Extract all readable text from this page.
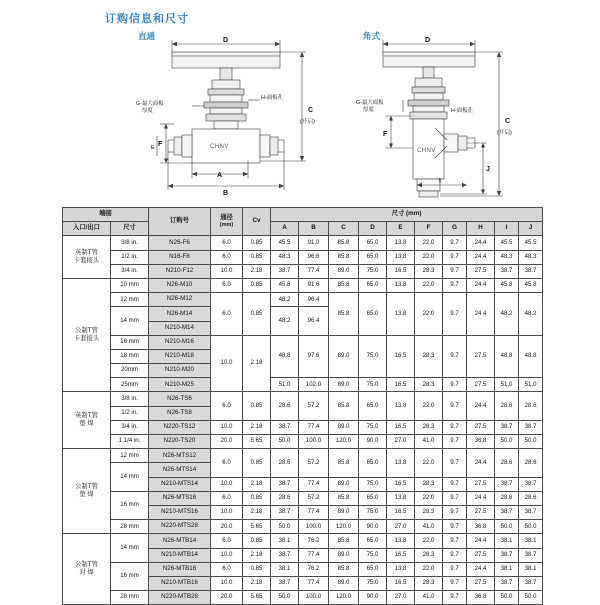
订购信息和尺寸
直通	D
C
(开启)
F
E
A
B
G-最大面板
厚度
H-面板孔
CHNV
角式	D
C
(开启)
J
F
G-最大面板
厚度	H-面板孔
CHNV
I
端接		订购号	通径
(mm)	Cv	尺寸 (mm)									
入口/出口	尺寸				A	B	C	D	E	F	G	H	I	J
英制T管
卡套接头	3/8 in.	N26-F6	6.0	0.85	45.5	91.0	85.8	65.0	13.8	22.0	9.7	24.4	45.5	45.5
	1/2 in.	N16-F8	6.0	0.85	48.3	96.6	85.8	65.0	13.8	22.0	9.7	24.4	48.3	48.3
	3/4 in.	N210-F12	10.0	2.18	38.7	77.4	89.0	75.0	16.5	28.3	9.7	27.5	38.7	38.7
公制T管
卡套接头	10 mm	N26-M10	6.0	0.85	45.8	91.6	85.8	65.0	13.8	22.0	9.7	24.4	45.8	45.8
	12 mm	N26-M12	6.0	0.85	48.2	96.4	85.8	65.0	13.8	22.0	9.7	24.4	48.2	48.2
	14 mm	N26-M14			48.2	96.4								
		N210-M14												
	16 mm	N210-M16	10.0	2.18	48.8	97.6	89.0	75.0	16.5	28.3	9.7	27.5	48.8	48.8
	18 mm	N210-M18												
	20mm	N210-M20												
	25mm	N210-M25			51.0	102.0	89.0	75.0	16.5	28.3	9.7	27.5	51.0	51.0
英制T管
垫 焊	3/8 in.	N26-TS6	6.0	0.85	28.6	57.2	85.8	65.0	13.8	22.0	9.7	24.4	28.6	28.6
	1/2 in.	N26-TS8												
	3/4 in.	N220-TS12	10.0	2.18	38.7	77.4	89.0	75.0	16.5	28.3	9.7	27.5	38.7	38.7
	1 1/4 in.	N220-TS20	20.0	5.65	50.0	100.0	120.0	90.0	27.0	41.0	9.7	36.8	50.0	50.0
公制T管
垫 焊	12 mm	N26-MTS12	6.0	0.85	28.6	57.2	85.8	65.0	13.8	22.0	9.7	24.4	28.6	28.6
	14 mm	N26-MTS14												
		N210-MTS14	10.0	2.18	38.7	77.4	89.0	75.0	16.5	28.3	9.7	27.5	38.7	38.7
	16 mm	N26-MTS16	6.0	0.85	28.6	57.2	85.8	65.0	13.8	22.0	9.7	24.4	28.6	28.6
		N210-MTS16	10.0	2.18	38.7	77.4	89.0	75.0	16.5	28.3	9.7	27.5	38.7	38.7
	28 mm	N220-MTS28	20.0	5.65	50.0	100.0	120.0	90.0	27.0	41.0	9.7	36.8	50.0	50.0
公制T管
对 焊	14 mm	N26-MTB14	6.0	0.85	38.1	76.2	85.8	65.0	13.8	22.0	9.7	24.4	38.1	38.1
		N210-MTB14	10.0	2.18	38.7	77.4	89.0	75.0	16.5	28.3	9.7	27.5	38.7	38.7
	16 mm	N26-MTB16	6.0	0.85	38.1	76.2	85.8	65.0	13.8	22.0	9.7	24.4	38.1	38.1
		N210-MTB16	10.0	2.18	38.7	77.4	89.0	75.0	16.5	28.3	9.7	27.5	38.7	38.7
	28 mm	N220-MTB28	20.0	5.65	50.0	100.0	120.0	90.0	27.0	41.0	9.7	36.8	50.0	50.0
